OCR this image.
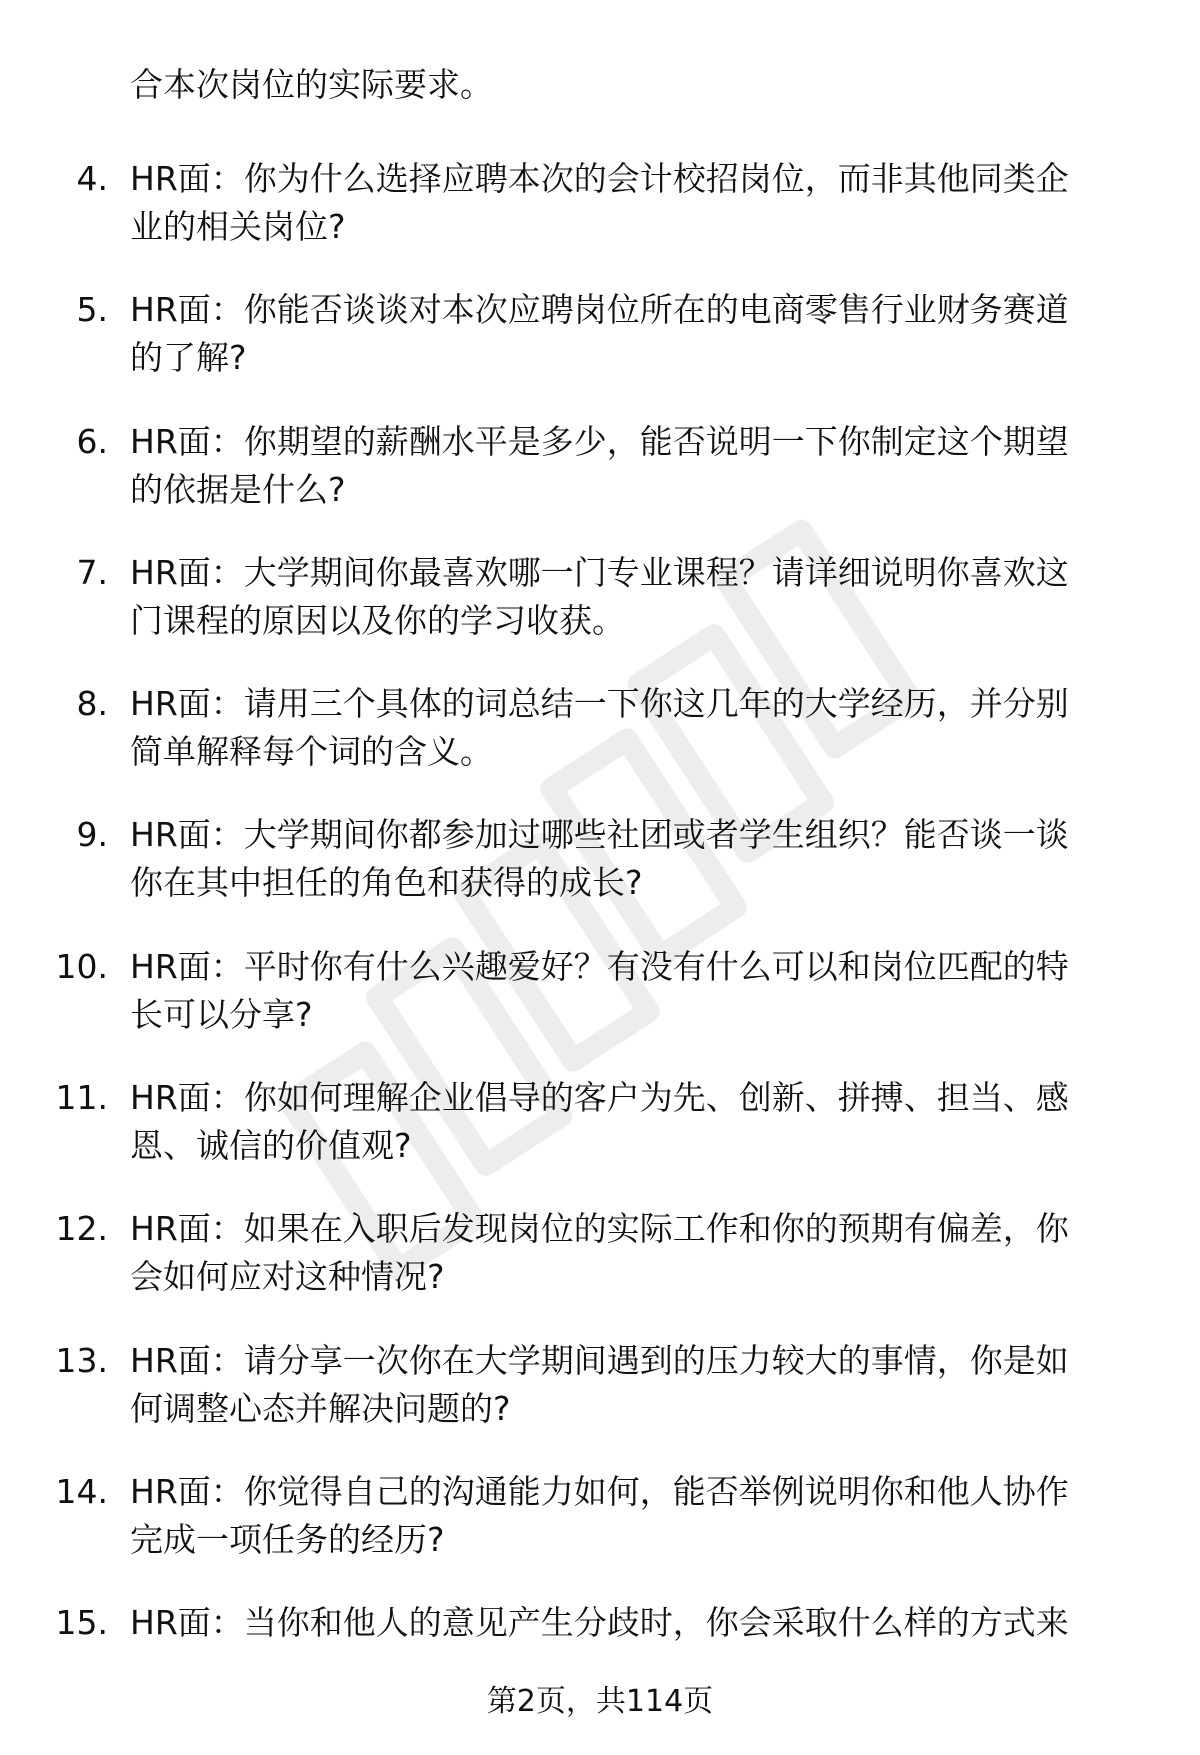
合本次岗位的实际要求。
4. HR面：你为什么选择应聘本次的会计校招岗位，而非其他同类企
业的相关岗位?
5. HR面：你能否谈谈对本次应聘岗位所在的电商零售行业财务赛道
的了解?
6. HR面：你期望的薪酬水平是多少，能否说明一下你制定这个期望
的依据是什么?
7. HR面：大学期间你最喜欢哪一门专业课程？请详细说明你喜欢这
门课程的原因以及你的学习收获。
8. HR面：请用三个具体的词总结一下你这几年的大学经历，并分别
简单解释每个词的含义。
9. HR面：大学期间你都参加过哪些社团或者学生组织？能否谈一谈
你在其中担任的角色和获得的成长?
10. HR面：平时你有什么兴趣爱好？有没有什么可以和岗位匹配的特
长可以分享?
11. HR面：你如何理解企业倡导的客户为先、创新、拼搏、担当、感
恩、诚信的价值观?
12. HR面：如果在入职后发现岗位的实际工作和你的预期有偏差，你
会如何应对这种情况?
13. HR面：请分享一次你在大学期间遇到的压力较大的事情，你是如
何调整心态并解决问题的?
14. HR面：你觉得自己的沟通能力如何，能否举例说明你和他人协作
完成一项任务的经历?
15. HR面：当你和他人的意见产生分歧时，你会采取什么样的方式来
第2页，共114页
